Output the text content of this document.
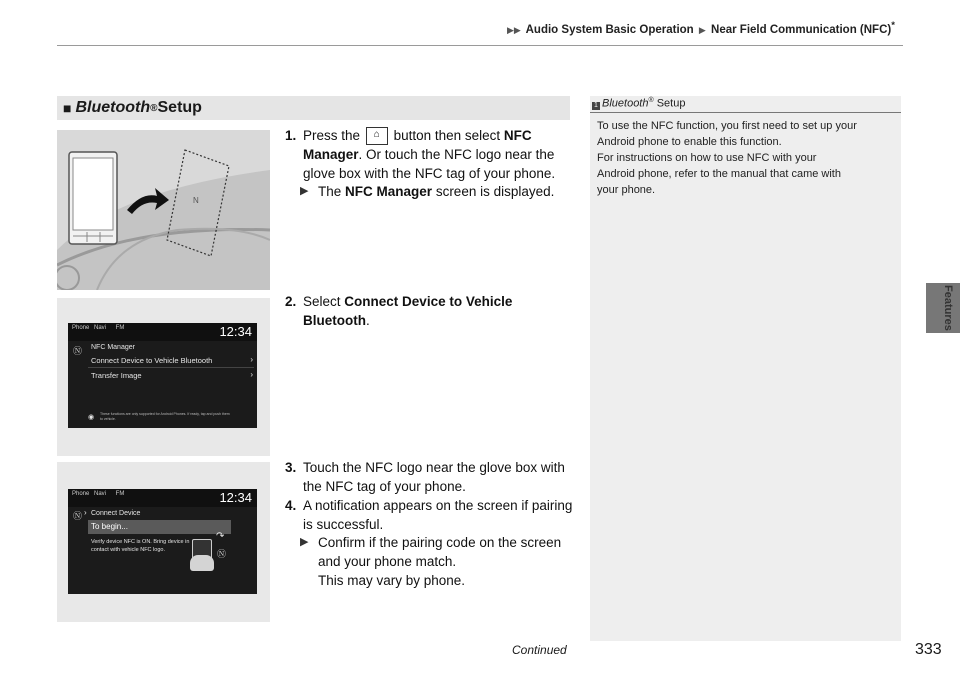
▶▶ Audio System Basic Operation ▶ Near Field Communication (NFC)*
Features
■ Bluetooth ® Setup	1 Bluetooth® Setup
To use the NFC function, you first need to set up your
Android phone to enable this function.
For instructions on how to use NFC with your
Android phone, refer to the manual that came with
your phone.
N
1. Press the ⌂ button then select NFC Manager. Or touch the NFC logo near the glove box with the NFC tag of your phone.
▶ The NFC Manager screen is displayed.
Phone Navi	FM	12:34
Ⓝ NFC Manager
Connect Device to Vehicle Bluetooth	›
Transfer Image	›
◉ These functions are only supported for Android Phones. If ready, tap and push them to vehicle.
2. Select Connect Device to Vehicle Bluetooth.
Phone Navi	FM	12:34
Ⓝ › Connect Device
To begin...
Verify device NFC is ON. Bring device in contact with vehicle NFC logo.	Ⓝ
↷
3. Touch the NFC logo near the glove box with the NFC tag of your phone.
4. A notification appears on the screen if pairing is successful.
▶ Confirm if the pairing code on the screen and your phone match.
This may vary by phone.
Continued	333
